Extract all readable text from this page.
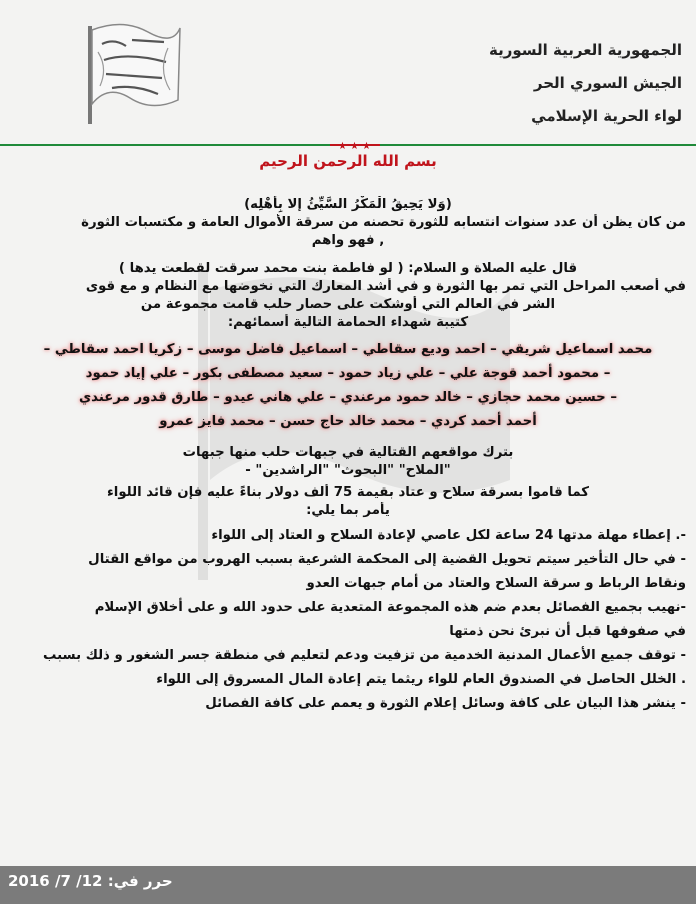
الجمهورية العربية السورية
الجيش السوري الحر
لواء الحرية الإسلامي
★ ★ ★
بسم الله الرحمن الرحيم
(وَلا يَحِيقُ الْمَكْرُ السَّيِّئُ إلا بِأَهْلِه)
من كان يظن أن عدد سنوات انتسابه للثورة تحصنه من سرقة الأموال العامة و مكتسبات الثورة
, فهو واهم
قال عليه الصلاة و السلام: ( لو فاطمة بنت محمد سرقت لقطعت يدها )
في أصعب المراحل التي تمر بها الثورة و في أشد المعارك التي نخوضها مع النظام و مع قوى
الشر في العالم التي أوشكت على حصار حلب قامت مجموعة من
كتيبة شهداء الحمامة التالية أسمائهم:
محمد اسماعيل شريقي – احمد وديع سقاطي – اسماعيل فاضل موسى – زكريا احمد سقاطي –
– محمود أحمد قوجة علي – علي زياد حمود – سعيد مصطفى بكور – علي إياد حمود
– حسين محمد حجازي – خالد حمود مرعندي – علي هاني عيدو – طارق قدور مرعندي
أحمد أحمد كردي – محمد خالد حاج حسن – محمد فايز عمرو
بترك مواقعهم القتالية في جبهات حلب منها جبهات
"الملاح" "البحوث" "الراشدين" -
كما قاموا بسرقة سلاح و عتاد بقيمة 75 ألف دولار بناءً عليه فإن قائد اللواء
يأمر بما يلي:
-. إعطاء مهلة مدتها 24 ساعة لكل عاصي لإعادة السلاح و العتاد إلى اللواء
- في حال التأخير سيتم تحويل القضية إلى المحكمة الشرعية بسبب الهروب من مواقع القتال
ونقاط الرباط و سرقة السلاح والعتاد من أمام جبهات العدو
-نهيب بجميع الفصائل بعدم ضم هذه المجموعة المتعدية على حدود الله و على أخلاق الإسلام
في صفوفها قبل أن نبرئ نحن ذمتها
- توقف جميع الأعمال المدنية الخدمية من تزفيت ودعم لتعليم في منطقة جسر الشغور و ذلك بسبب
. الخلل الحاصل في الصندوق العام للواء ريثما يتم إعادة المال المسروق إلى اللواء
- ينشر هذا البيان على كافة وسائل إعلام الثورة و يعمم على كافة الفصائل
حرر في: 12/ 7/ 2016
